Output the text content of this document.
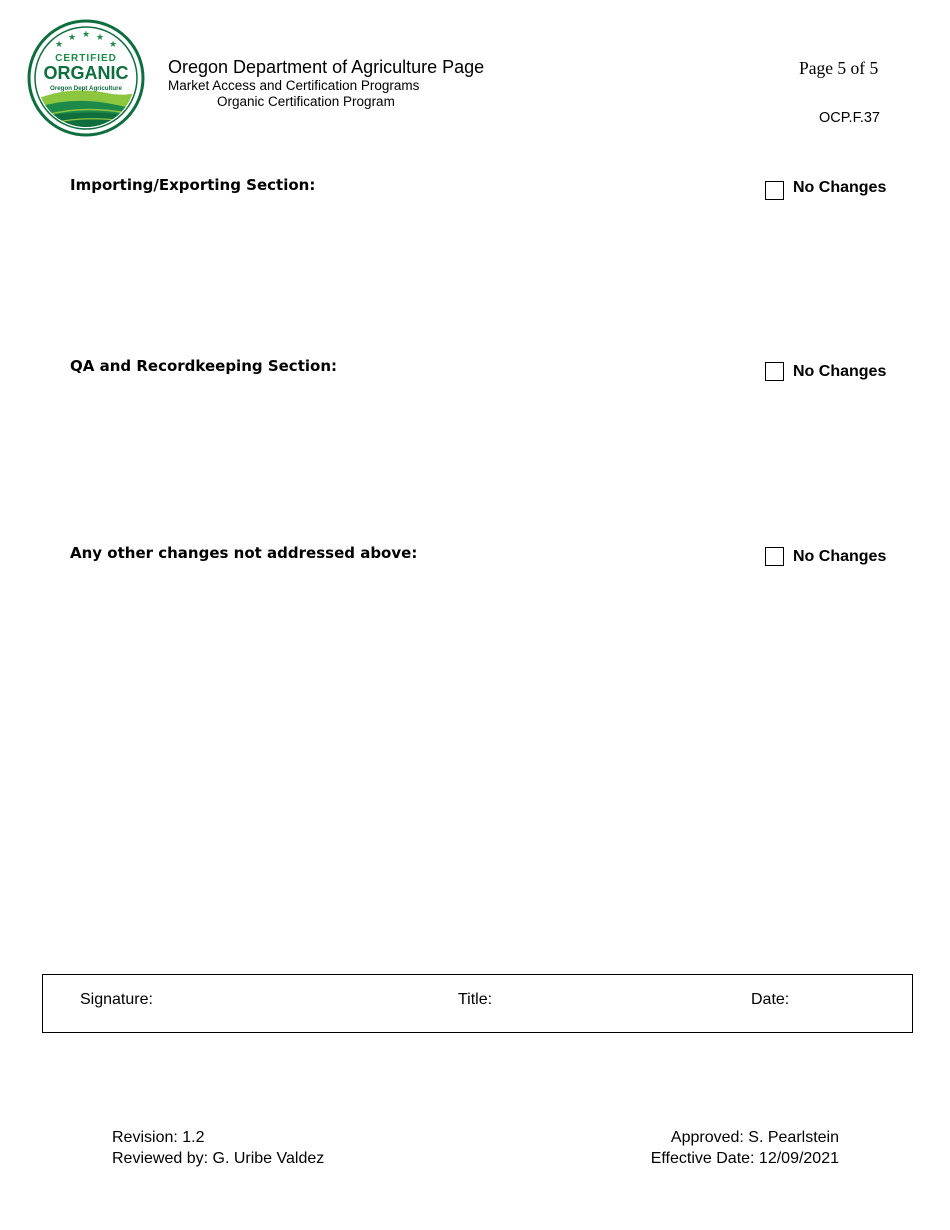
★
★ ★ ★
★
CERTIFIED
ORGANIC
Oregon Dept Agriculture
Oregon Department of Agriculture Page
Market Access and Certification Programs
Organic Certification Program
Page 5 of 5
OCP.F.37
Importing/Exporting Section:	No Changes
QA and Recordkeeping Section:	No Changes
Any other changes not addressed above:	No Changes
Signature:	Title:	Date:
Revision: 1.2
Reviewed by: G. Uribe Valdez
Approved: S. Pearlstein
Effective Date: 12/09/2021
